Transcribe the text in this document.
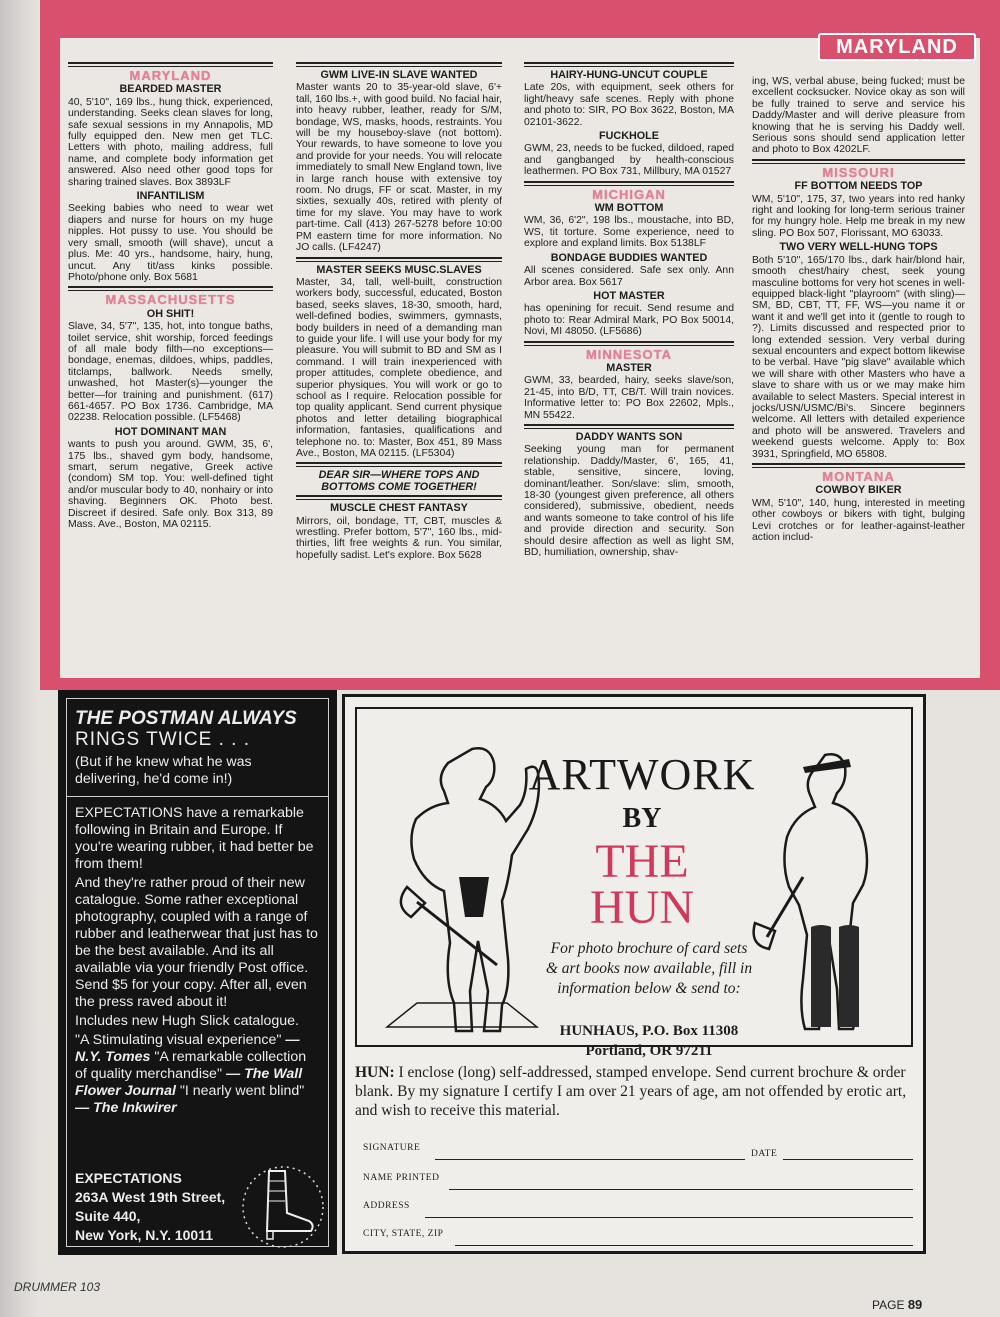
MARYLAND
MARYLAND
BEARDED MASTER
40, 5'10", 169 lbs., hung thick, experienced, understanding. Seeks clean slaves for long, safe sexual sessions in my Annapolis, MD fully equipped den. New men get TLC. Letters with photo, mailing address, full name, and complete body information get answered. Also need other good tops for sharing trained slaves. Box 3893LF
INFANTILISM
Seeking babies who need to wear wet diapers and nurse for hours on my huge nipples. Hot pussy to use. You should be very small, smooth (will shave), uncut a plus. Me: 40 yrs., handsome, hairy, hung, uncut. Any tit/ass kinks possible. Photo/phone only. Box 5681
MASSACHUSETTS
OH SHIT!
Slave, 34, 5'7", 135, hot, into tongue baths, toilet service, shit worship, forced feedings of all male body filth—no exceptions—bondage, enemas, dildoes, whips, paddles, titclamps, ballwork. Needs smelly, unwashed, hot Master(s)—younger the better—for training and punishment. (617) 661-4657. PO Box 1736. Cambridge, MA 02238. Relocation possible. (LF5468)
HOT DOMINANT MAN
wants to push you around. GWM, 35, 6', 175 lbs., shaved gym body, handsome, smart, serum negative, Greek active (condom) SM top. You: well-defined tight and/or muscular body to 40, nonhairy or into shaving. Beginners OK. Photo best. Discreet if desired. Safe only. Box 313, 89 Mass. Ave., Boston, MA 02115.
GWM LIVE-IN SLAVE WANTED
Master wants 20 to 35-year-old slave, 6'+ tall, 160 lbs.+, with good build. No facial hair, into heavy rubber, leather, ready for S/M, bondage, WS, masks, hoods, restraints. You will be my houseboy-slave (not bottom). Your rewards, to have someone to love you and provide for your needs. You will relocate immediately to small New England town, live in large ranch house with extensive toy room. No drugs, FF or scat. Master, in my sixties, sexually 40s, retired with plenty of time for my slave. You may have to work part-time. Call (413) 267-5278 before 10:00 PM eastern time for more information. No JO calls. (LF4247)
MASTER SEEKS MUSC.SLAVES
Master, 34, tall, well-built, construction workers body, successful, educated, Boston based, seeks slaves, 18-30, smooth, hard, well-defined bodies, swimmers, gymnasts, body builders in need of a demanding man to guide your life. I will use your body for my pleasure. You will submit to BD and SM as I command. I will train inexperienced with proper attitudes, complete obedience, and superior physiques. You will work or go to school as I require. Relocation possible for top quality applicant. Send current physique photos and letter detailing biographical information, fantasies, qualifications and telephone no. to: Master, Box 451, 89 Mass Ave., Boston, MA 02115. (LF5304)
DEAR SIR—WHERE TOPS AND BOTTOMS COME TOGETHER!
MUSCLE CHEST FANTASY
Mirrors, oil, bondage, TT, CBT, muscles & wrestling. Prefer bottom, 5'7", 160 lbs., mid-thirties, lift free weights & run. You similar, hopefully sadist. Let's explore. Box 5628
HAIRY-HUNG-UNCUT COUPLE
Late 20s, with equipment, seek others for light/heavy safe scenes. Reply with phone and photo to: SIR, PO Box 3622, Boston, MA 02101-3622.
FUCKHOLE
GWM, 23, needs to be fucked, dildoed, raped and gangbanged by health-conscious leathermen. PO Box 731, Millbury, MA 01527
MICHIGAN
WM BOTTOM
WM, 36, 6'2", 198 lbs., moustache, into BD, WS, tit torture. Some experience, need to explore and expland limits. Box 5138LF
BONDAGE BUDDIES WANTED
All scenes considered. Safe sex only. Ann Arbor area. Box 5617
HOT MASTER
has openining for recuit. Send resume and photo to: Rear Admiral Mark, PO Box 50014, Novi, MI 48050. (LF5686)
MINNESOTA
MASTER
GWM, 33, bearded, hairy, seeks slave/son, 21-45, into B/D, TT, CB/T. Will train novices. Informative letter to: PO Box 22602, Mpls., MN 55422.
DADDY WANTS SON
Seeking young man for permanent relationship. Daddy/Master, 6', 165, 41, stable, sensitive, sincere, loving, dominant/leather. Son/slave: slim, smooth, 18-30 (youngest given preference, all others considered), submissive, obedient, needs and wants someone to take control of his life and provide direction and security. Son should desire affection as well as light SM, BD, humiliation, ownership, shav-
ing, WS, verbal abuse, being fucked; must be excellent cocksucker. Novice okay as son will be fully trained to serve and service his Daddy/Master and will derive pleasure from knowing that he is serving his Daddy well. Serious sons should send application letter and photo to Box 4202LF.
MISSOURI
FF BOTTOM NEEDS TOP
WM, 5'10", 175, 37, two years into red hanky right and looking for long-term serious trainer for my hungry hole. Help me break in my new sling. PO Box 507, Florissant, MO 63033.
TWO VERY WELL-HUNG TOPS
Both 5'10", 165/170 lbs., dark hair/blond hair, smooth chest/hairy chest, seek young masculine bottoms for very hot scenes in well-equipped black-light "playroom" (with sling)—SM, BD, CBT, TT, FF, WS—you name it or want it and we'll get into it (gentle to rough to ?). Limits discussed and respected prior to long extended session. Very verbal during sexual encounters and expect bottom likewise to be verbal. Have "pig slave" available which we will share with other Masters who have a slave to share with us or we may make him available to select Masters. Special interest in jocks/USN/USMC/Bi's. Sincere beginners welcome. All letters with detailed experience and photo will be answered. Travelers and weekend guests welcome. Apply to: Box 3931, Springfield, MO 65808.
MONTANA
COWBOY BIKER
WM, 5'10", 140, hung, interested in meeting other cowboys or bikers with tight, bulging Levi crotches or for leather-against-leather action includ-
THE POSTMAN ALWAYS
RINGS TWICE . . .
(But if he knew what he was delivering, he'd come in!)
EXPECTATIONS have a remarkable following in Britain and Europe. If you're wearing rubber, it had better be from them!
And they're rather proud of their new catalogue. Some rather exceptional photography, coupled with a range of rubber and leatherwear that just has to be the best available. And its all available via your friendly Post office. Send $5 for your copy. After all, even the press raved about it!
Includes new Hugh Slick catalogue.
"A Stimulating visual experience" — N.Y. Tomes "A remarkable collection of quality merchandise" — The Wall Flower Journal "I nearly went blind" — The Inkwirer
EXPECTATIONS
263A West 19th Street,
Suite 440,
New York, N.Y. 10011
ARTWORK
BY
THE
HUN
For photo brochure of card sets & art books now available, fill in information below & send to:
HUNHAUS, P.O. Box 11308
Portland, OR 97211
HUN: I enclose (long) self-addressed, stamped envelope. Send current brochure & order blank. By my signature I certify I am over 21 years of age, am not offended by erotic art, and wish to receive this material.
SIGNATURE
DATE
NAME PRINTED
ADDRESS
CITY, STATE, ZIP
DRUMMER 103
PAGE 89
